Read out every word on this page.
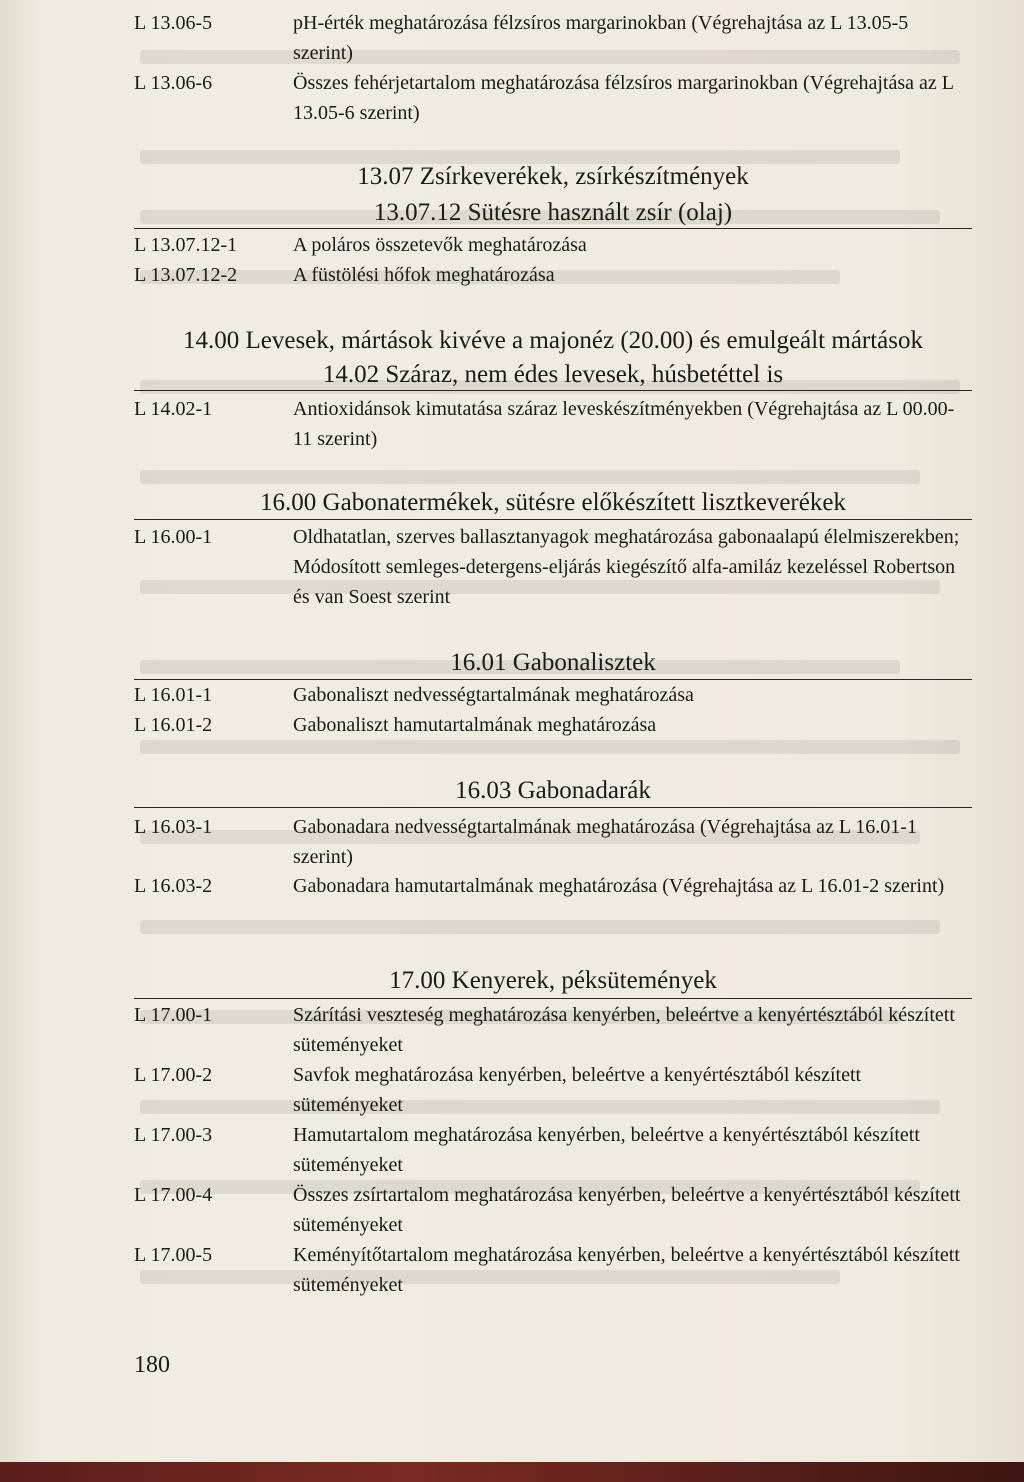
L 13.06-5	pH-érték meghatározása félzsíros margarinokban (Végrehajtása az L 13.05-5 szerint)
L 13.06-6	Összes fehérjetartalom meghatározása félzsíros margarinokban (Végrehajtása az L 13.05-6 szerint)
13.07 Zsírkeverékek, zsírkészítmények
13.07.12 Sütésre használt zsír (olaj)
L 13.07.12-1	A poláros összetevők meghatározása
L 13.07.12-2	A füstölési hőfok meghatározása
14.00 Levesek, mártások kivéve a majonéz (20.00) és emulgeált mártások
14.02 Száraz, nem édes levesek, húsbetéttel is
L 14.02-1	Antioxidánsok kimutatása száraz leveskészítményekben (Végrehajtása az L 00.00-11 szerint)
16.00 Gabonatermékek, sütésre előkészített lisztkeverékek
L 16.00-1	Oldhatatlan, szerves ballasztanyagok meghatározása gabonaalapú élelmiszerekben; Módosított semleges-detergens-eljárás kiegészítő alfa-amiláz kezeléssel Robertson és van Soest szerint
16.01 Gabonalisztek
L 16.01-1	Gabonaliszt nedvességtartalmának meghatározása
L 16.01-2	Gabonaliszt hamutartalmának meghatározása
16.03 Gabonadarák
L 16.03-1	Gabonadara nedvességtartalmának meghatározása (Végrehajtása az L 16.01-1 szerint)
L 16.03-2	Gabonadara hamutartalmának meghatározása (Végrehajtása az L 16.01-2 szerint)
17.00 Kenyerek, péksütemények
L 17.00-1	Szárítási veszteség meghatározása kenyérben, beleértve a kenyértésztából készített süteményeket
L 17.00-2	Savfok meghatározása kenyérben, beleértve a kenyértésztából készített süteményeket
L 17.00-3	Hamutartalom meghatározása kenyérben, beleértve a kenyértésztából készített süteményeket
L 17.00-4	Összes zsírtartalom meghatározása kenyérben, beleértve a kenyértésztából készített süteményeket
L 17.00-5	Keményítőtartalom meghatározása kenyérben, beleértve a kenyértésztából készített süteményeket
180
